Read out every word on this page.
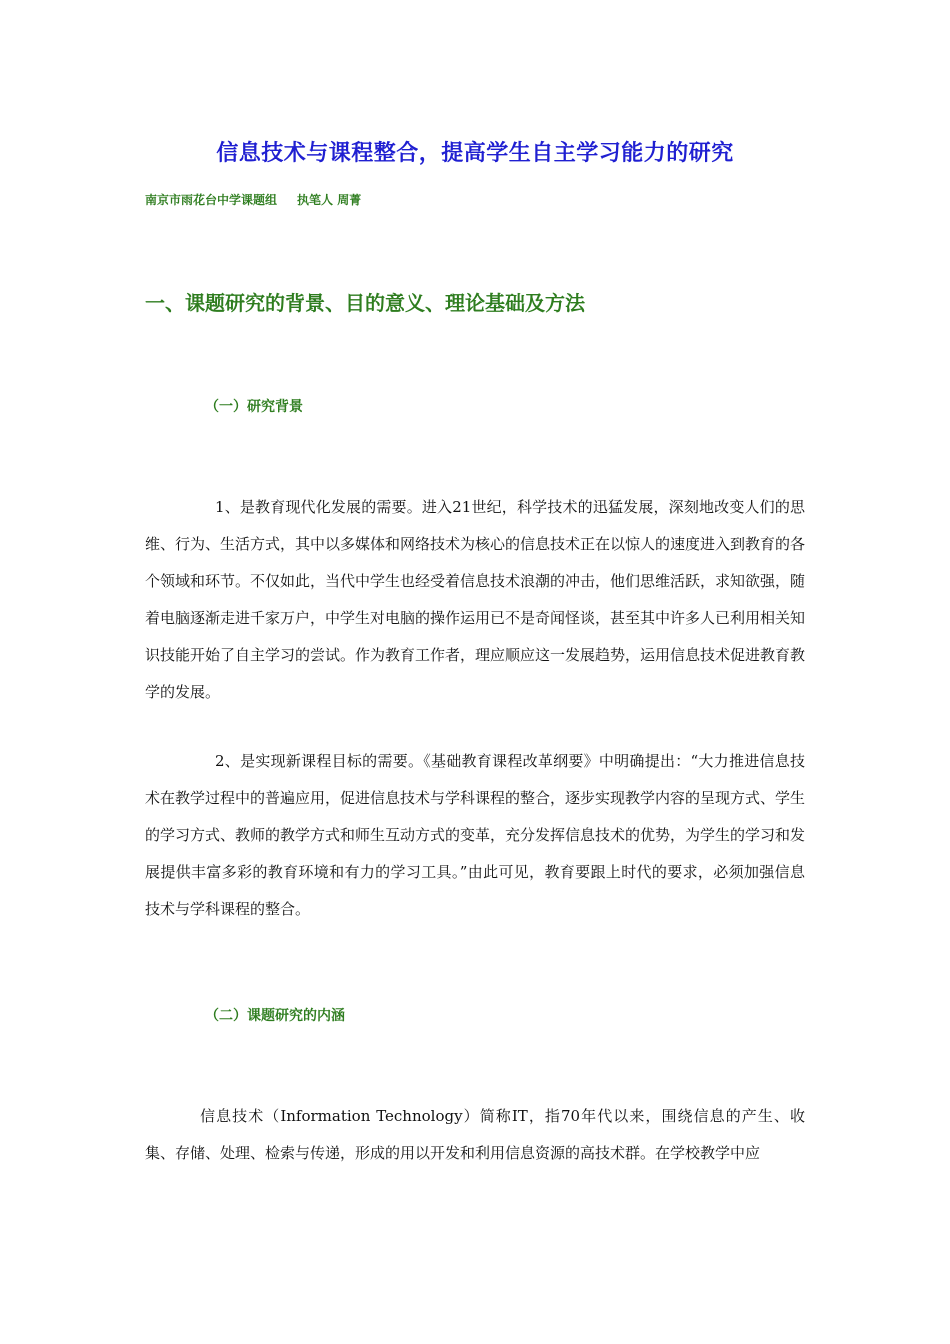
信息技术与课程整合，提高学生自主学习能力的研究
南京市雨花台中学课题组 执笔人 周菁
一、课题研究的背景、目的意义、理论基础及方法
（一）研究背景

1、是教育现代化发展的需要。进入21世纪，科学技术的迅猛发展，深刻地改变人们的思维、行为、生活方式，其中以多媒体和网络技术为核心的信息技术正在以惊人的速度进入到教育的各个领域和环节。不仅如此，当代中学生也经受着信息技术浪潮的冲击，他们思维活跃，求知欲强，随着电脑逐渐走进千家万户，中学生对电脑的操作运用已不是奇闻怪谈，甚至其中许多人已利用相关知识技能开始了自主学习的尝试。作为教育工作者，理应顺应这一发展趋势，运用信息技术促进教育教学的发展。

2、是实现新课程目标的需要。《基础教育课程改革纲要》中明确提出：“大力推进信息技术在教学过程中的普遍应用，促进信息技术与学科课程的整合，逐步实现教学内容的呈现方式、学生的学习方式、教师的教学方式和师生互动方式的变革，充分发挥信息技术的优势，为学生的学习和发展提供丰富多彩的教育环境和有力的学习工具。”由此可见，教育要跟上时代的要求，必须加强信息技术与学科课程的整合。

（二）课题研究的内涵

信息技术（Information Technology）简称IT，指70年代以来，围绕信息的产生、收集、存储、处理、检索与传递，形成的用以开发和利用信息资源的高技术群。在学校教学中应
